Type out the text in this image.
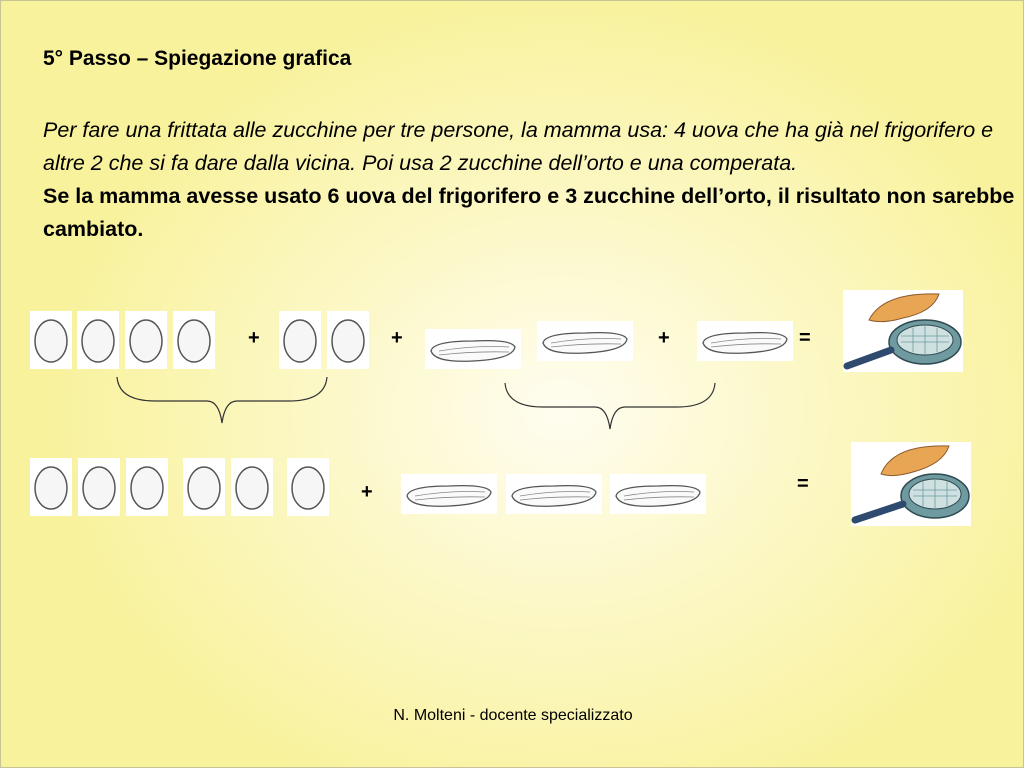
5° Passo – Spiegazione grafica
Per fare una frittata alle zucchine per tre persone, la mamma usa: 4 uova che ha già nel frigorifero e altre 2 che si fa dare dalla vicina. Poi usa 2 zucchine dell’orto e una comperata.
Se la mamma avesse usato 6 uova del frigorifero e 3 zucchine dell’orto, il risultato non sarebbe cambiato.
+	+	+	=
+	=
N. Molteni - docente specializzato
